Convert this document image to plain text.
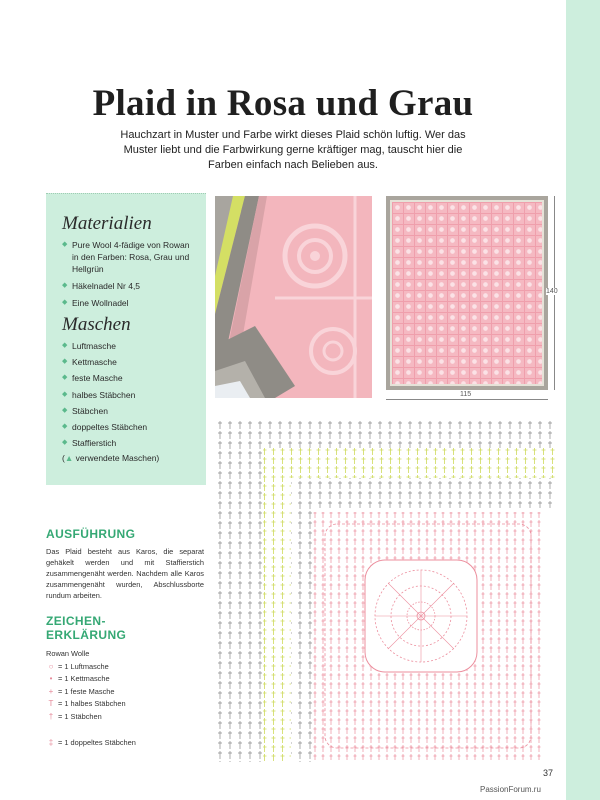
Plaid in Rosa und Grau

Hauchzart in Muster und Farbe wirkt dieses Plaid schön luftig. Wer das Muster liebt und die Farbwirkung gerne kräftiger mag, tauscht hier die Farben einfach nach Belieben aus.

Materialien
◆ Pure Wool 4-fädige von Rowan in den Farben: Rosa, Grau und Hellgrün
◆ Häkelnadel Nr 4,5
◆ Eine Wollnadel
Maschen
◆ Luftmasche
◆ Kettmasche
◆ feste Masche
◆ halbes Stäbchen
◆ Stäbchen
◆ doppeltes Stäbchen
◆ Staffierstich
(▲ verwendete Maschen)
140
115
AUSFÜHRUNG

Das Plaid besteht aus Karos, die separat gehäkelt werden und mit Staffierstich zusammengenäht werden. Nachdem alle Karos zusammengenäht wurden, Abschlussborte rundum arbeiten.

ZEICHEN-
ERKLÄRUNG
Rowan Wolle
○ = 1 Luftmasche
• = 1 Kettmasche
+ = 1 feste Masche
T = 1 halbes Stäbchen
† = 1 Stäbchen
‡ = 1 doppeltes Stäbchen
37
PassionForum.ru
